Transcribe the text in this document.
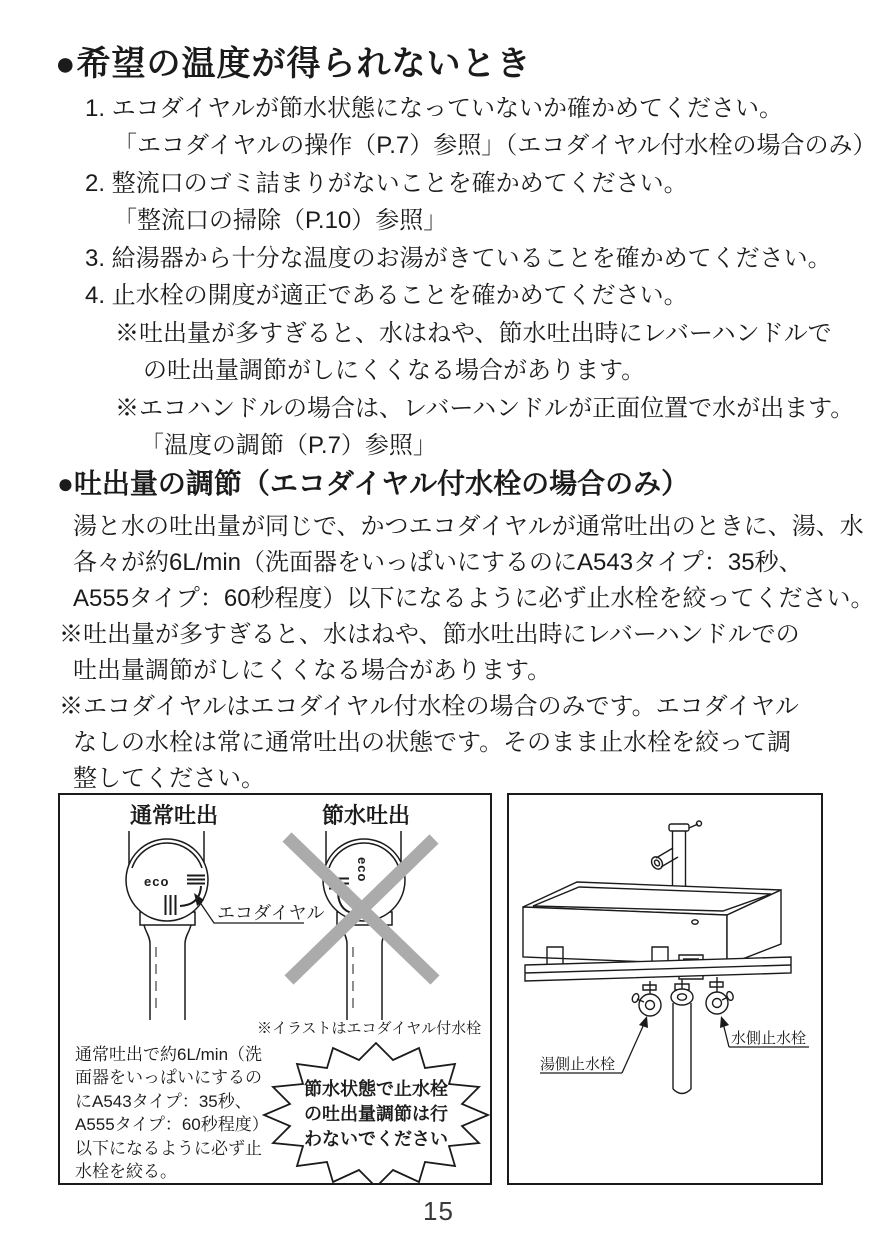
●希望の温度が得られないとき
1. エコダイヤルが節水状態になっていないか確かめてください。
「エコダイヤルの操作（P.7）参照」（エコダイヤル付水栓の場合のみ）
2. 整流口のゴミ詰まりがないことを確かめてください。
「整流口の掃除（P.10）参照」
3. 給湯器から十分な温度のお湯がきていることを確かめてください。
4. 止水栓の開度が適正であることを確かめてください。
※吐出量が多すぎると、水はねや、節水吐出時にレバーハンドルで
の吐出量調節がしにくくなる場合があります。
※エコハンドルの場合は、レバーハンドルが正面位置で水が出ます。
「温度の調節（P.7）参照」
●吐出量の調節（エコダイヤル付水栓の場合のみ）
湯と水の吐出量が同じで、かつエコダイヤルが通常吐出のときに、湯、水
各々が約6L/min（洗面器をいっぱいにするのにA543タイプ：35秒、
A555タイプ：60秒程度）以下になるように必ず止水栓を絞ってください。
※吐出量が多すぎると、水はねや、節水吐出時にレバーハンドルでの
吐出量調節がしにくくなる場合があります。
※エコダイヤルはエコダイヤル付水栓の場合のみです。エコダイヤル
なしの水栓は常に通常吐出の状態です。そのまま止水栓を絞って調
整してください。
eco	eco
通常吐出	節水吐出
エコダイヤル
※イラストはエコダイヤル付水栓
通常吐出で約6L/min（洗
面器をいっぱいにするの
にA543タイプ：35秒、
A555タイプ：60秒程度）
以下になるように必ず止
水栓を絞る。
節水状態で止水栓
の吐出量調節は行
わないでください
湯側止水栓
水側止水栓
15
